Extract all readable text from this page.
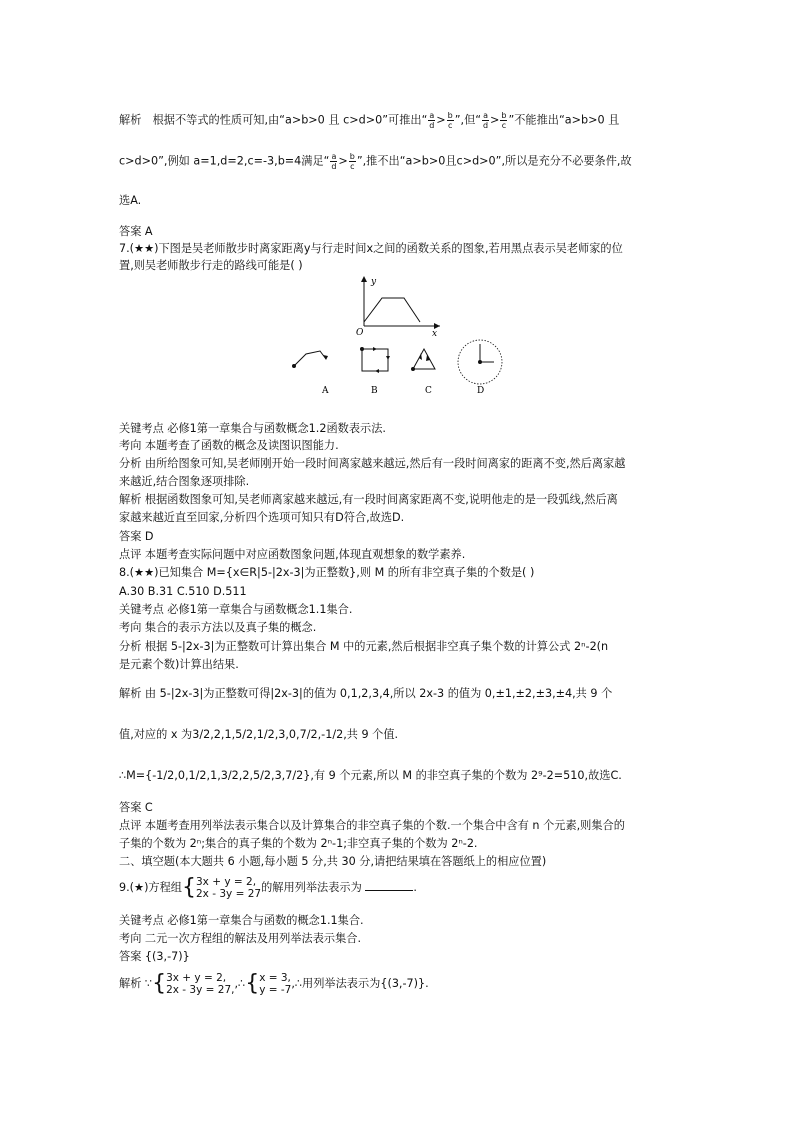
解析　根据不等式的性质可知,由“a>b>0 且 c>d>0”可推出“ $\frac{a}{d} > \frac{b}{c}$ ”,但“ $\frac{a}{d} > \frac{b}{c}$ ”不能推出“a>b>0 且
c>d>0”,例如 a=1,d=2,c=-3,b=4满足“ $\frac{a}{d} > \frac{b}{c}$ ”,推不出“a>b>0且c>d>0”,所以是充分不必要条件,故
选A.
答案 A
7.(★★)下图是吴老师散步时离家距离y与行走时间x之间的函数关系的图象,若用黑点表示吴老师家的位
置,则吴老师散步行走的路线可能是( )
y
x
O
A	B	C	D
关键考点 必修1第一章集合与函数概念1.2函数表示法.
考向 本题考查了函数的概念及读图识图能力.
分析 由所给图象可知,吴老师刚开始一段时间离家越来越远,然后有一段时间离家的距离不变,然后离家越
来越近,结合图象逐项排除.
解析 根据函数图象可知,吴老师离家越来越远,有一段时间离家距离不变,说明他走的是一段弧线,然后离
家越来越近直至回家,分析四个选项可知只有D符合,故选D.
答案 D
点评 本题考查实际问题中对应函数图象问题,体现直观想象的数学素养.
8.(★★)已知集合 M={x∈R|5-|2x-3|为正整数},则 M 的所有非空真子集的个数是( )
A.30 B.31 C.510 D.511
关键考点 必修1第一章集合与函数概念1.1集合.
考向 集合的表示方法以及真子集的概念.
分析 根据 5-|2x-3|为正整数可计算出集合 M 中的元素,然后根据非空真子集个数的计算公式 2ⁿ-2(n
是元素个数)计算出结果.
解析 由 5-|2x-3|为正整数可得|2x-3|的值为 0,1,2,3,4,所以 2x-3 的值为 0,±1,±2,±3,±4,共 9 个
值,对应的 x 为3/2,2,1,5/2,1/2,3,0,7/2,-1/2,共 9 个值.
∴M={-1/2,0,1/2,1,3/2,2,5/2,3,7/2},有 9 个元素,所以 M 的非空真子集的个数为 2⁹-2=510,故选C.
答案 C
点评 本题考查用列举法表示集合以及计算集合的非空真子集的个数.一个集合中含有 n 个元素,则集合的
子集的个数为 2ⁿ;集合的真子集的个数为 2ⁿ-1;非空真子集的个数为 2ⁿ-2.
二、填空题(本大题共 6 小题,每小题 5 分,共 30 分,请把结果填在答题纸上的相应位置)
9.(★)方程组{ 3x + y = 2,
2x - 3y = 27 的解用列举法表示为	.
关键考点 必修1第一章集合与函数的概念1.1集合.
考向 二元一次方程组的解法及用列举法表示集合.
答案 {(3,-7)}
解析 ∵{ 3x + y = 2,
2x - 3y = 27, ,∴{ x = 3,
y = -7 ,∴用列举法表示为{(3,-7)}.
